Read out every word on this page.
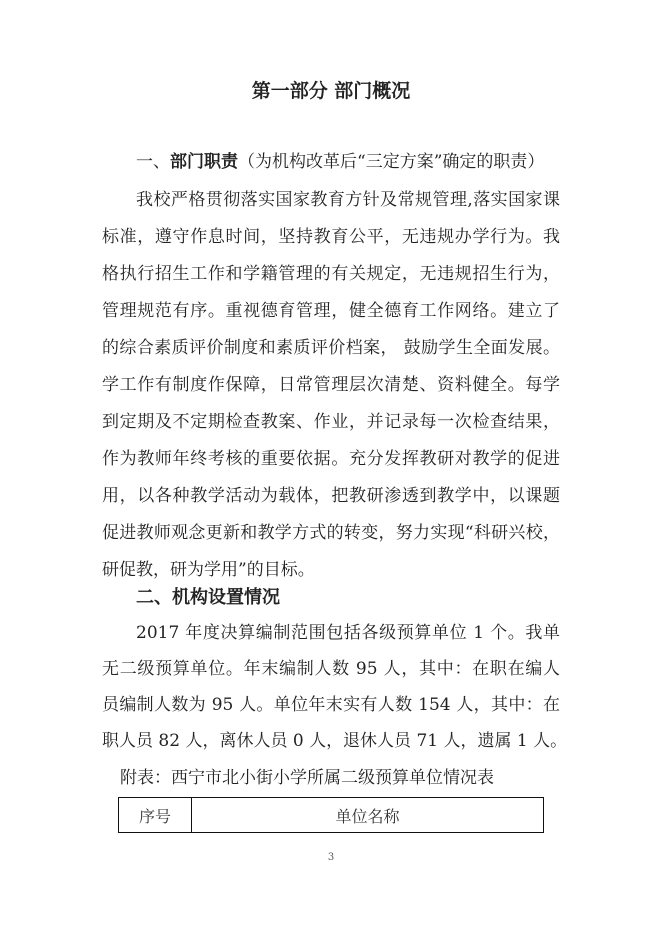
第一部分 部门概况
一、部门职责（为机构改革后“三定方案”确定的职责）
我校严格贯彻落实国家教育方针及常规管理,落实国家课
标准，遵守作息时间，坚持教育公平，无违规办学行为。我
格执行招生工作和学籍管理的有关规定，无违规招生行为，
管理规范有序。重视德育管理，健全德育工作网络。建立了
的综合素质评价制度和素质评价档案， 鼓励学生全面发展。
学工作有制度作保障，日常管理层次清楚、资料健全。每学
到定期及不定期检查教案、作业，并记录每一次检查结果，
作为教师年终考核的重要依据。充分发挥教研对教学的促进
用，以各种教学活动为载体，把教研渗透到教学中，以课题
促进教师观念更新和教学方式的转变，努力实现“科研兴校，
研促教，研为学用”的目标。
二、机构设置情况
2017 年度决算编制范围包括各级预算单位 1 个。我单
无二级预算单位。年末编制人数 95 人，其中：在职在编人
员编制人数为 95 人。单位年末实有人数 154 人，其中：在
职人员 82 人，离休人员 0 人，退休人员 71 人，遗属 1 人。
附表：西宁市北小街小学所属二级预算单位情况表
序号	单位名称
3
